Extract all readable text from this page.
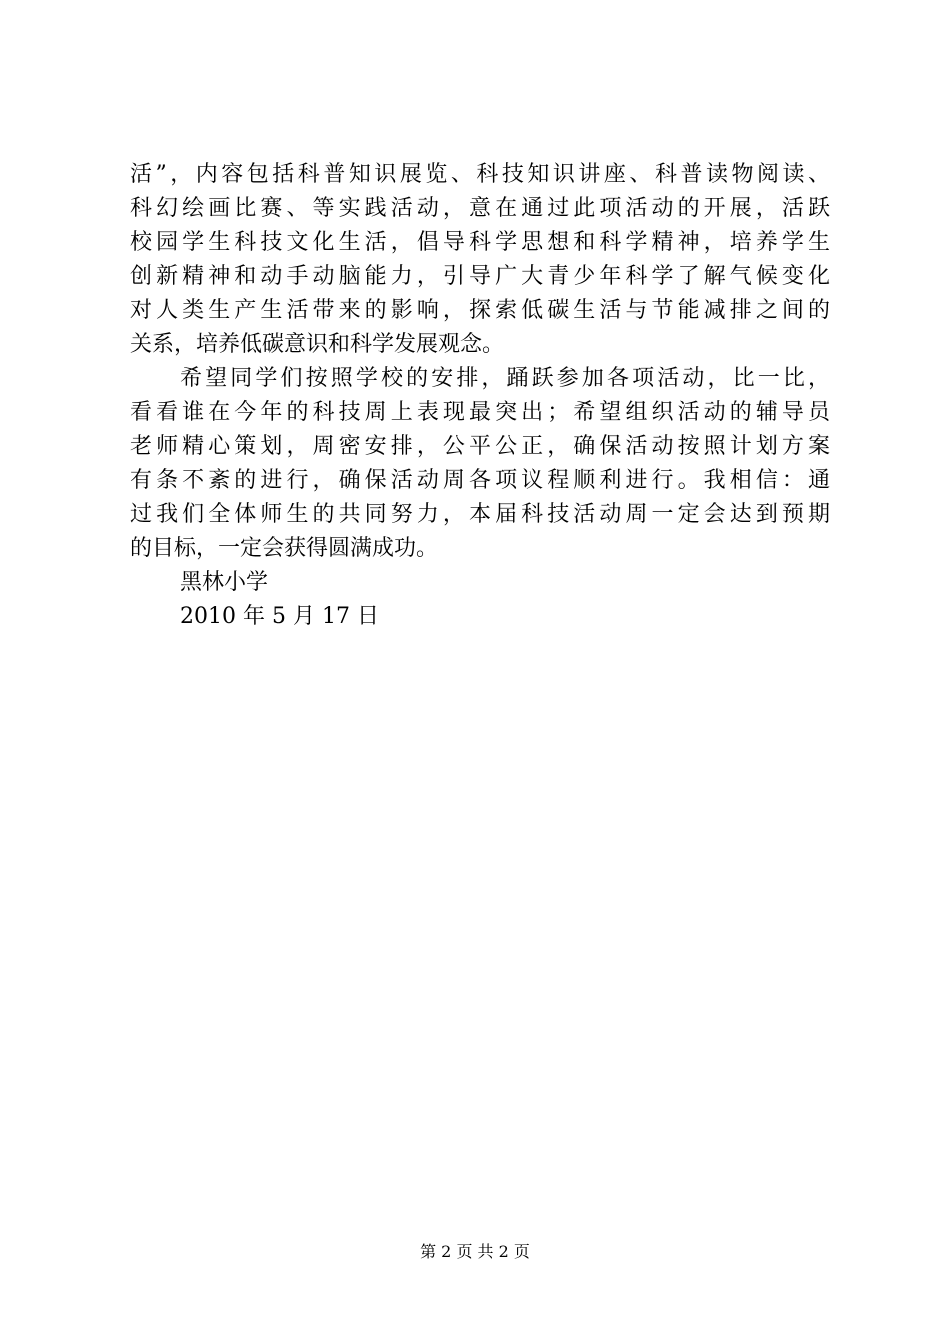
活”，内容包括科普知识展览、科技知识讲座、科普读物阅读、
科幻绘画比赛、等实践活动，意在通过此项活动的开展，活跃
校园学生科技文化生活，倡导科学思想和科学精神，培养学生
创新精神和动手动脑能力，引导广大青少年科学了解气候变化
对人类生产生活带来的影响，探索低碳生活与节能减排之间的
关系，培养低碳意识和科学发展观念。
希望同学们按照学校的安排，踊跃参加各项活动，比一比，
看看谁在今年的科技周上表现最突出；希望组织活动的辅导员
老师精心策划，周密安排，公平公正，确保活动按照计划方案
有条不紊的进行，确保活动周各项议程顺利进行。我相信：通
过我们全体师生的共同努力，本届科技活动周一定会达到预期
的目标，一定会获得圆满成功。
黑林小学
2010 年 5 月 17 日
第 2 页 共 2 页
